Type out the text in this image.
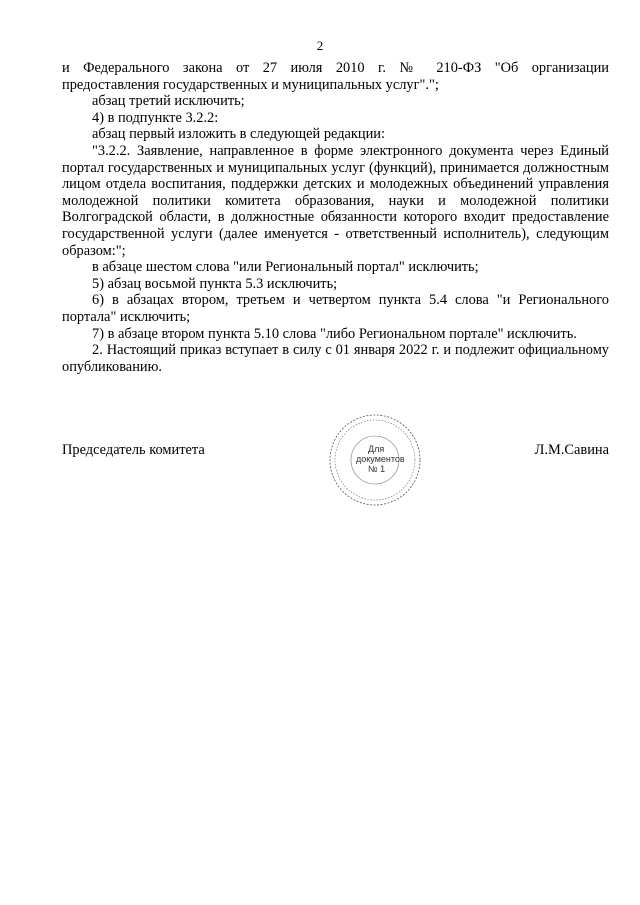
2

и Федерального закона от 27 июля 2010 г. № 210-ФЗ "Об организации

предоставления государственных и муниципальных услуг".";

абзац третий исключить;

4) в подпункте 3.2.2:

абзац первый изложить в следующей редакции:

"3.2.2. Заявление, направленное в форме электронного документа через Единый портал государственных и муниципальных услуг (функций), принимается должностным лицом отдела воспитания, поддержки детских и молодежных объединений управления молодежной политики комитета образования, науки и молодежной политики Волгоградской области, в должностные обязанности которого входит предоставление государственной услуги (далее именуется - ответственный исполнитель), следующим образом:";

в абзаце шестом слова "или Региональный портал" исключить;

5) абзац восьмой пункта 5.3 исключить;

6) в абзацах втором, третьем и четвертом пункта 5.4 слова "и Регионального портала" исключить;

7) в абзаце втором пункта 5.10 слова "либо Региональном портале" исключить.

2. Настоящий приказ вступает в силу с 01 января 2022 г. и подлежит официальному опубликованию.

Для
документов
№ 1
Председатель комитета	Л.М.Савина
